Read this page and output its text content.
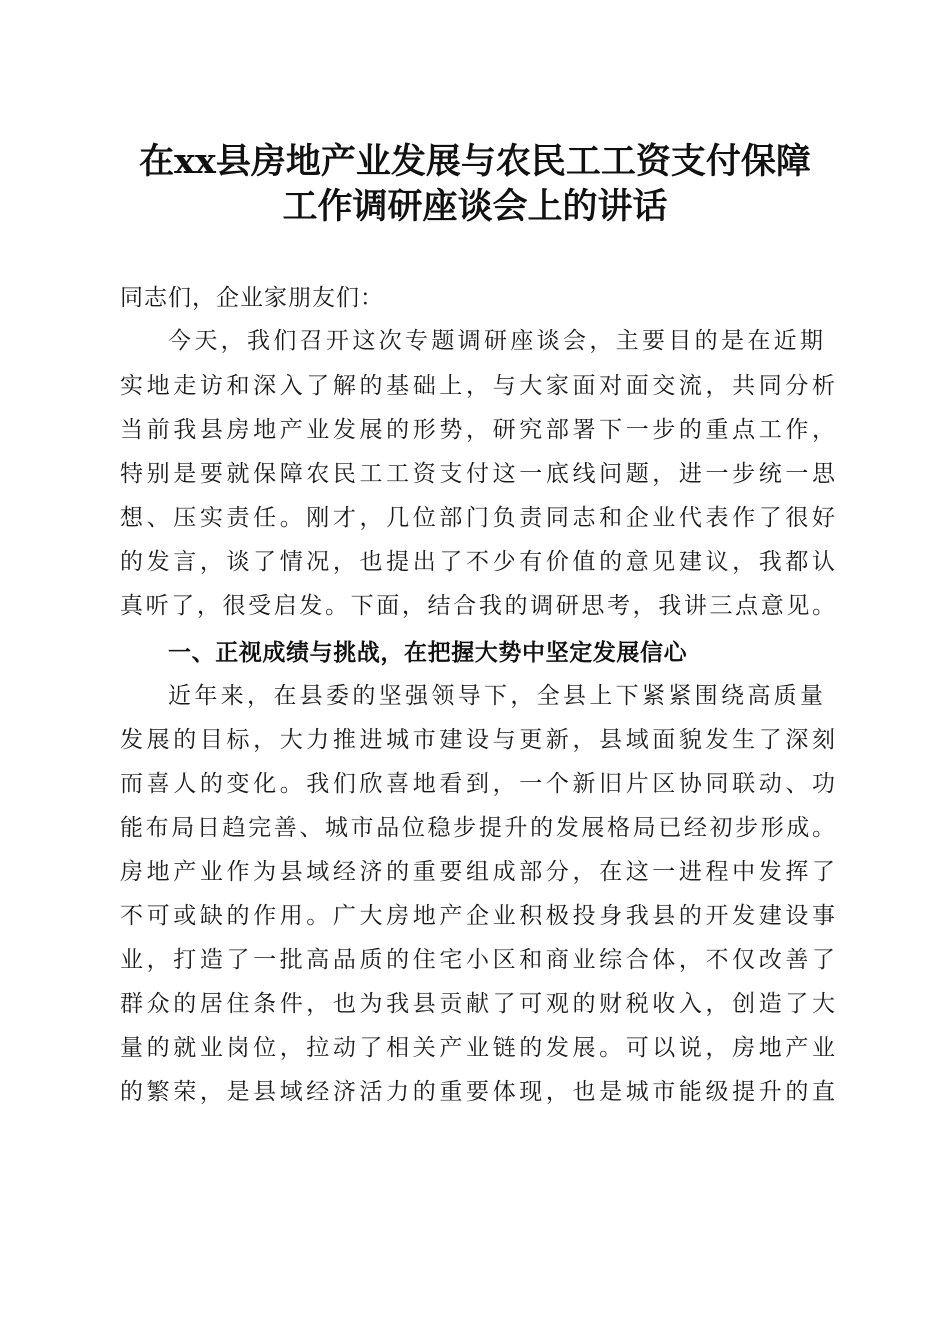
在xx县房地产业发展与农民工工资支付保障
工作调研座谈会上的讲话
同志们，企业家朋友们：
今天，我们召开这次专题调研座谈会，主要目的是在近期
实地走访和深入了解的基础上，与大家面对面交流，共同分析
当前我县房地产业发展的形势，研究部署下一步的重点工作，
特别是要就保障农民工工资支付这一底线问题，进一步统一思
想、压实责任。刚才，几位部门负责同志和企业代表作了很好
的发言，谈了情况，也提出了不少有价值的意见建议，我都认
真听了，很受启发。下面，结合我的调研思考，我讲三点意见。
一、正视成绩与挑战，在把握大势中坚定发展信心
近年来，在县委的坚强领导下，全县上下紧紧围绕高质量
发展的目标，大力推进城市建设与更新，县域面貌发生了深刻
而喜人的变化。我们欣喜地看到，一个新旧片区协同联动、功
能布局日趋完善、城市品位稳步提升的发展格局已经初步形成。
房地产业作为县域经济的重要组成部分，在这一进程中发挥了
不可或缺的作用。广大房地产企业积极投身我县的开发建设事
业，打造了一批高品质的住宅小区和商业综合体，不仅改善了
群众的居住条件，也为我县贡献了可观的财税收入，创造了大
量的就业岗位，拉动了相关产业链的发展。可以说，房地产业
的繁荣，是县域经济活力的重要体现，也是城市能级提升的直
